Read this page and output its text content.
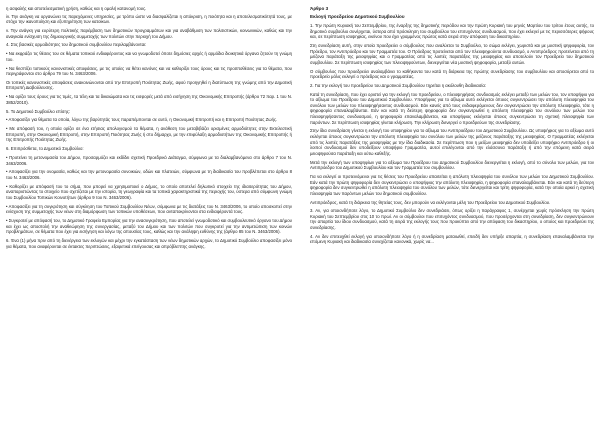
η ασφαλής και αποτελεσματική χρήση, καθώς και η ομαλή κατανομή τους.

iv. Την ανάγκη να οργανώνει τις παρεχόμενες υπηρεσίες, με τρόπο ώστε να διασφαλίζεται η απόκριση, η ποιότητα και η αποτελεσματικότητά τους, με στόχο την ικανοποίηση και εξυπηρέτηση των κατοίκων.

v. Την ανάγκη για ευρύτερη πολιτικής παρέμβαση των δημοτικών προγραμμάτων και για αναβάθμιση των πολιτιστικών, κοινωνικών, καθώς και την αναγκαία ενίσχυση της δημιουργικής συμμετοχής των πολιτών στην περιοχή του Δήμου.

4. Στις βασικές αρμοδιότητες του δημοτικού συμβουλίου περιλαμβάνονται:

• Να εκφράζει τις θέσεις του σε θέματα τοπικού ενδιαφέροντος και να γνωμοδοτεί όποτε δημόσιες αρχές ή αρμόδια διοικητικά όργανα ζητούν τη γνώμη του.

• Να θεσπίζει τοπικούς κανονιστικές αποφάσεις, με τις οποίες να θέτει κανόνες και να καθορίζει τους όρους και τις προϋποθέσεις για τα θέματα, που περιγράφονται στο άρθρο 79 του Ν. 3463/2006.

Οι τοπικές κανονιστικές αποφάσεις ανακοινώνονται από την Επιτροπή Ποιότητας Ζωής, αφού προηγηθεί η διατύπωση της γνώμης από την Δημοτική Επιτροπή Διαβούλευσης.

• Να ορίζει τους όρους για τις τιμές, τα τέλη και τα δικαιώματα και τις εισφορές μετά από εισήγηση της Οικονομικής Επιτροπής (άρθρο 72 παρ. 1 του Ν. 3852/2010).

5. Το Δημοτικό Συμβούλιο επίσης:

• Αποφασίζει για θέματα τα οποία, λόγω της βαρύτητάς τους παραπέμπονται σε αυτό, η Οικονομική Επιτροπή και η Επιτροπή Ποιότητας Ζωής.

• Με απόφασή του, η οποία ορίζει σε ένα ετήσιας απολογισμού τα θέματα, η ανάθεση του μεταβιβάζει ορισμένες αρμοδιότητες στην Εκτελεστική Επιτροπή, στην Οικονομική Επιτροπή, στην Επιτροπή Ποιότητας Ζωής ή στο δήμαρχο, με την επιφύλαξη αρμοδιοτήτων της Οικονομικής Επιτροπής ή της Επιτροπής Ποιότητας Ζωής.

6. Επιπρόσθετα, το Δημοτικό Συμβούλιο:

• Προτείνει τη μετονομασία του Δήμου, προσαρμόζει και εκδίδει σχετική Προεδρικό Διάταγμα, σύμφωνα με τα διαλαμβανόμενα στο άρθρο 7 του Ν. 3463/2006.

• Αποφασίζει για την ονομασία, καθώς και την μετονομασία συνοικιών, οδών και πλατειών, σύμφωνα με τη διαδικασία του προβλέπεται στο άρθρο 8 του Ν. 3463/2006.

• Καθορίζει με απόφασή του το σήμα, που μπορεί να χρησιμοποιεί ο Δήμος, το οποίο αποτελεί δηλωτικό στοιχείο της ιδιαιτερότητας του Δήμου, αναπαριστώντας το στοιχείο που σχετίζεται με την ιστορία, τη γεωγραφία και τα τοπικά χαρακτηριστικά της περιοχής του, ύστερα από σύμφωνη γνώμη του Συμβουλίου Τοπικών Κοινοτήτων (άρθρο 9 του Ν. 3463/2006).

• Αποφασίζει για τη συγκρότηση και σύγκληση του Τοπικού Συμβουλίου Νέων, σύμφωνα με τις διατάξεις του Ν. 3463/2006, το οποίο αποσκοπεί στην ενίσχυση της συμμετοχής των νέων στη διαμόρφωση των τοπικών υποθέσεων, που ανταποκρίνονται στα ενδιαφέροντά τους.

• Συγκροτεί με απόφασή του, το Δημοτικό Γραφείο Εμπορίας για την ανασυγκρότηση, που αποτελεί γνωμοδοτικό και συμβουλευτικό όργανο του Δήμου και έχει ως αποστολή την αναθεώρηση της συνεργασίας, μεταξύ του Δήμου και των πολιτών που συγκροτεί για την αντιμετώπιση των κοινών προβλημάτων, σε θέματα που έχει για εισήγηση και λόγω της απουσίας τους, καθώς και την ανάληψη ευθύνης της (άρθρο 85 του Ν. 3463/2006).

6. Ένα (1) μήνα πριν από τη διενέργεια των εκλογών και μέχρι την εγκατάσταση των νέων δημοτικών αρχών, το Δημοτικό Συμβούλιο αποφασίζει μόνο για θέματα, που αναφέρονται σε έκτακτες περιπτώσεις, εξαιρετικά επείγουσας και απρόβλεπτης ανάγκης.

Άρθρο 3
Εκλογή προεδρείου Δημοτικού Συμβουλίου

1. Την πρώτη Κυριακή του Σεπτεμβρίου, της έναρξης της δημοτικής περιόδου και την πρώτη Κυριακή του μηνός Μαρτίου του τρίτου έτους αυτής, το δημοτικό συμβούλιο συνέρχεται, ύστερα από πρόσκληση του συμβούλου του επιτυχόντος συνδυασμού, που έχει εκλεγεί με τις περισσότερες ψήφους και, σε περίπτωση ισοψηφίας, εκείνου που έχει γραμμένος πρώτος κατά σειρά στην απόφαση του δικαστηρίου.

Στη συνεδρίαση αυτή, στην οποία προεδρεύει ο σύμβουλος που αναλύεται το Συμβούλιο, το σώμα εκλέγει, χωριστά και με μυστική ψηφοφορία, τον Πρόεδρο, τον Αντιπρόεδρο και τον Γραμματέα του. Ο Πρόεδρος προτείνεται από τον πλειοψηφούντα συνδυασμό, ο Αντιπρόεδρος προτείνεται από τη μείζονα παράταξη της μειοψηφίας και ο Γραμματέας από τις λοιπές παρατάξεις της μειοψηφίας και αποτελούν τον Προεδρείο του δημοτικού συμβουλίου. Σε περίπτωση ισοψηφίας των πλειοψηφούντων, διενεργείται νέα μυστική ψηφοφορία, μεταξύ αυτών.

Ο σύμβουλος που προεδρεύει αναλαμβάνει το καθήκοντα του κατά τη διάρκεια της πρώτης συνεδρίασης του συμβουλίου και αποσύρεται από το προεδρείο μόλις εκλεγεί ο πρόεδρος και ο γραμματέας.

2. Για την εκλογή του προεδρείου του Δημοτικού Συμβουλίου τηρείται η ακόλουθη διαδικασία:

Κατά τη συνεδρίαση, που έχει οριστεί για την εκλογή του προεδρείου, ο πλειοψηφήσας συνδυασμός εκλέγει μεταξύ των μελών του, τον υποψήφιο για το αξίωμα του Προέδρου του Δημοτικού Συμβουλίου. Υποψήφιος για το αξίωμα αυτό εκλέγεται όποιος συγκεντρώσει την απόλυτη πλειοψηφία του συνόλου των μελών του πλειοψηφήσαντος συνδυασμού. Εάν κανείς από τους ενδιαφερόμενους δεν συγκεντρώσει την απόλυτη πλειοψηφία, τότε η ψηφοφορία επαναλαμβάνεται. Εάν και κατά τη δεύτερη ψηφοφορία δεν συγκεντρωθεί η απόλυτη πλειοψηφία του συνόλου των μελών του πλειοψηφήσαντος συνδυασμού, η ψηφοφορία επαναλαμβάνεται, και υποψήφιος εκλέγεται όποιος συγκεντρώσει τη σχετική πλειοψηφία των παρόντων. Σε περίπτωση ισοψηφίας γίνεται κλήρωση. Την κλήρωση διενεργεί ο προεδρεύων της συνεδρίασης.

Στην ίδια συνεδρίαση γίνεται η εκλογή του υποψηφίου για το αξίωμα του Αντιπροέδρου του Δημοτικού Συμβουλίου. Ως υποψήφιος για το αξίωμα αυτό εκλέγεται όποιος συγκεντρώσει την απόλυτη πλειοψηφία του συνόλου των μελών της μείζονος παράταξης της μειοψηφίας. Ο Γραμματέας εκλέγεται από τις λοιπές παρατάξεις της μειοψηφίας με την ίδια διαδικασία. Σε περίπτωση που η μείζων μειοψηφία δεν υποδείξει υποψήφιο Αντιπρόεδρο ή οι λοιποί συνδυασμοί δεν υποδείξουν υποψήφιο Γραμματέα, αυτοί επιλέγονται από την ελάσσονα παράταξη ή από την επόμενη κατά σειρά μειοψηφούσα παράταξη και ούτω καθεξής.

Μετά την εκλογή των υποψηφίων για το αξίωμα του Προέδρου του Δημοτικού Συμβουλίου διενεργείται η εκλογή, από το σύνολο των μελών, για τον Αντιπρόεδρο του Δημοτικού Συμβουλίου και τον Γραμματέα του συμβουλίου.

Για να εκλεγεί οι προτεινόμενοι για τις θέσεις του Προεδρείου απαιτείται η απόλυτη πλειοψηφία του συνόλου των μελών του Δημοτικού Συμβουλίου. Εάν κατά την πρώτη ψηφοφορία δεν συγκεντρώσει ο υποψήφιος την απόλυτη πλειοψηφία, η ψηφοφορία επαναλαμβάνεται. Εάν και κατά τη δεύτερη ψηφοφορία δεν συγκεντρωθεί η απόλυτη πλειοψηφία του συνόλου των μελών, τότε διενεργείται και τρίτη ψηφοφορία, κατά την οποία αρκεί η σχετική πλειοψηφία των παρόντων μελών του δημοτικού συμβουλίου.

Αντιπρόεδρος, κατά τη διάρκεια της θητείας τους, δεν μπορούν να εκλέγονται μέλη του Προεδρείου του Δημοτικού Συμβουλίου.

3. Αν, για οποιονδήποτε λόγο, το Δημοτικό Συμβούλιο δεν συνεδριάσει, όπως ορίζει η παράγραφος 1, συνέρχεται χωρίς πρόσκληση την πρώτη Κυριακή του Σεπτεμβρίου στις 10 το πρωί. Αν οι σύμβουλοι που επιτυχόντος συνδυασμού, που προσέρχονται στη συνεδρίαση, δεν συγκεντρώνουν την απαρτία του ίδιου συνδυασμού, κατά τη σειρά της εκλογής τους που προκύπτει από την απόφαση του δικαστηρίου, ο οποίος και προεδρεύει της συνεδρίασης.

4. Αν δεν επιτευχθεί εκλογή για οποιονδήποτε λόγο ή η συνεδρίαση ματαιωθεί, επειδή δεν υπήρξε απαρτία, η συνεδρίαση επαναλαμβάνεται την επόμενη Κυριακή και διαδικασία συνεχίζεται κανονικά, χωρίς να...
